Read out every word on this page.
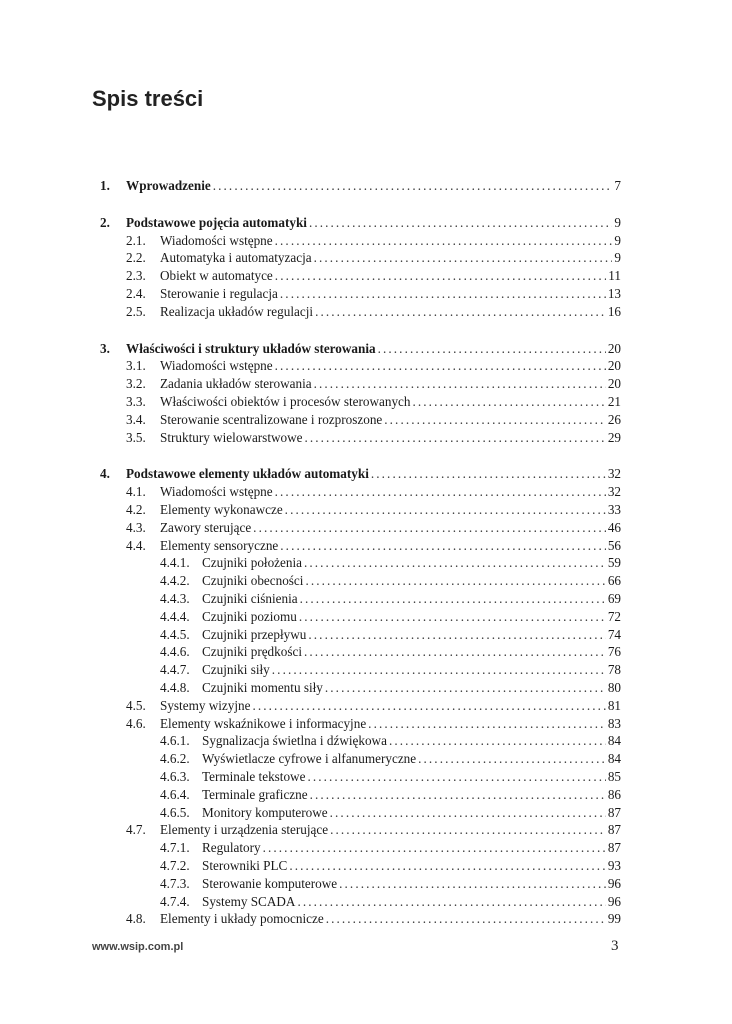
Spis treści
1.	Wprowadzenie . . .	7
2.	Podstawowe pojęcia automatyki . . .	9
2.1.	Wiadomości wstępne . . .	9
2.2.	Automatyka i automatyzacja . . .	9
2.3.	Obiekt w automatyce . . .	11
2.4.	Sterowanie i regulacja . . .	13
2.5.	Realizacja układów regulacji . . .	16
3.	Właściwości i struktury układów sterowania . . .	20
3.1.	Wiadomości wstępne . . .	20
3.2.	Zadania układów sterowania . . .	20
3.3.	Właściwości obiektów i procesów sterowanych . . .	21
3.4.	Sterowanie scentralizowane i rozproszone . . .	26
3.5.	Struktury wielowarstwowe . . .	29
4.	Podstawowe elementy układów automatyki . . .	32
4.1.	Wiadomości wstępne . . .	32
4.2.	Elementy wykonawcze . . .	33
4.3.	Zawory sterujące . . .	46
4.4.	Elementy sensoryczne . . .	56
4.4.1. Czujniki położenia . . .	59
4.4.2. Czujniki obecności . . .	66
4.4.3. Czujniki ciśnienia . . .	69
4.4.4. Czujniki poziomu . . .	72
4.4.5. Czujniki przepływu . . .	74
4.4.6. Czujniki prędkości . . .	76
4.4.7. Czujniki siły . . .	78
4.4.8. Czujniki momentu siły . . .	80
4.5.	Systemy wizyjne . . .	81
4.6.	Elementy wskaźnikowe i informacyjne . . .	83
4.6.1. Sygnalizacja świetlna i dźwiękowa . . .	84
4.6.2. Wyświetlacze cyfrowe i alfanumeryczne . . .	84
4.6.3. Terminale tekstowe . . .	85
4.6.4. Terminale graficzne . . .	86
4.6.5. Monitory komputerowe . . .	87
4.7.	Elementy i urządzenia sterujące . . .	87
4.7.1. Regulatory . . .	87
4.7.2. Sterowniki PLC . . .	93
4.7.3. Sterowanie komputerowe . . .	96
4.7.4. Systemy SCADA . . .	96
4.8.	Elementy i układy pomocnicze . . .	99
www.wsip.com.pl	3
